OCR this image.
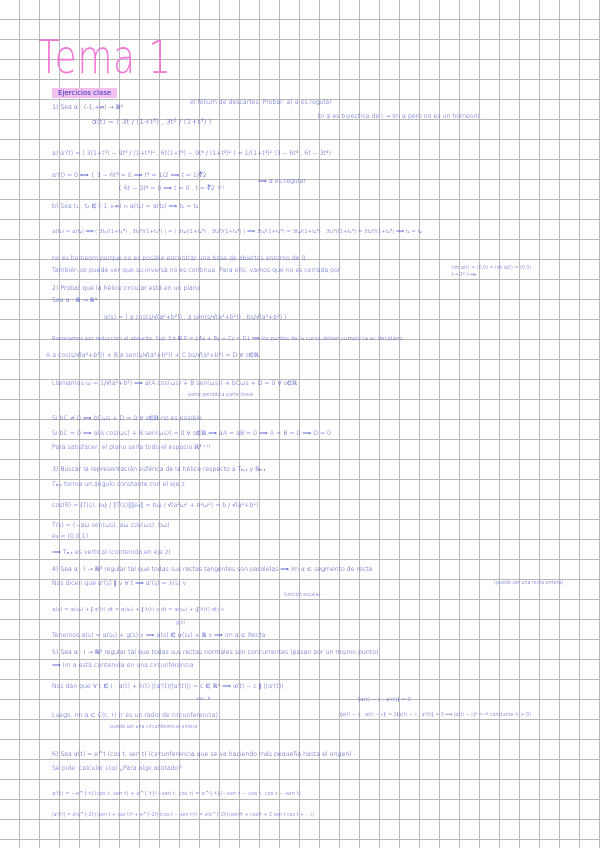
Tema 1
Ejercicios clase
1) Sea α : (-1,+∞) → ℝ²
el folium de descartes. Probar: a) α es regular
α(t) = ( 3t / (1+t³) , 3t² / (1+t³) )
b) α es biyectiva de I → Im α pero no es un homeom.
a) α'(t) = ( 3(1+t³) − 9t³ / (1+t³)² , 6t(1+t³) − 9t⁴ / (1+t³)² ) = 1/(1+t³)² (3 − 6t³ , 6t − 3t⁴)
α'(t) = 0 ⟺ { 3 − 6t³ = 0 ⟹ t³ = 1/2 ⟹ t = 1/∛2
{ 6t − 3t⁴ = 0 ⟹ t = 0 , t = ∛2 !!!
⟹ α es regular
b) Sea t₁ , t₂ ∈ (-1,+∞) ∩ α(t₁) = α(t₂) ⟹ t₁ = t₂
α(t₁) = α(t₂) ⟹ ( 3t₁/(1+t₁³) , 3t₁²/(1+t₁³) ) = ( 3t₂/(1+t₂³) , 3t₂²/(1+t₂³) ) ⟹ 3t₁/(1+t₁³) = 3t₂/(1+t₂³) , 3t₁²/(1+t₁³) = 3t₂²/(1+t₂³) ⟹ t₁ = t₂
no es homeom porque no es posible encontrar una base de abiertos entorno de 0.
También se puede ver que su inversa no es continua. Para ello, vamos que no es cerrada por	lim α(t) = (0,0) = lim α(t) = (0,0)
t→-1⁺ t→∞
2) Probar que la hélice circular está en un plano.
Sea α : ℝ → ℝ³
α(s) = ( a cos(s/√(a²+b²)) , a sen(s/√(a²+b²)) , bs/√(a²+b²) )
Razonamos por reducción al absurdo: Sup ∃ π ∈ P = {Ax + By + Cz = D} ⟹ los puntos de la curva deben cumplir la ec del plano.
A a cos(s/√(a²+b²)) + B a sen(s/√(a²+b²)) + C bs/√(a²+b²) = D ∀ s∈ℝ
Llamamos ω = 1/√(a²+b²) ⟹ a(A cos(ωs) + B sen(ωs)) + bCωs + D = 0 ∀ s∈ℝ
parte periódica parte lineal
Si bC ≠ 0 ⟹ bCωs + D = 0 ∀ s∈ℝ no es posible
Si bC = 0 ⟹ a(A cos(ωs) + B sen(ωs)) = 0 ∀ s∈ℝ ⟹ aA = aB = 0 ⟹ A = B = 0 ⟹ D = 0
Para satisfacer, el plano sería todo el espacio ℝ³ !!!
3) Buscar la representación esférica de la hélice respecto a Tₙ,ₜ y Bₙ,ₜ
Tₙ,ₜ forma un ángulo constante con el eje z.
cos(θ) = ⟨T(s), e₃⟩ / ‖T(s)‖‖e₃‖ = bω / √(a²ω² + b²ω²) = b / √(a²+b²)
T(s) = (−aω sen(ωs), aω cos(ωs), bω)
e₃ = (0,0,1)
⟹ Tₙ,ₜ es vertical (contenida en eje z)
4) Sea α : I → ℝ³ regular tal que todas sus rectas tangentes son paralelas ⟹ Im α ⊂ segmento de recta
(puede ser una recta entera)
Nos dicen que α'(s) ∥ v ∀ t ⟹ α'(s) = λ(s) v
función escalar
α(s) = α(s₀) + ∫ α'(t) dt = α(s₀) + ∫ λ(t) v dt = α(s₀) + (∫ λ(t) dt) v
g(s)
Tenemos α(s) = α(s₀) + g(s) v ⟹ α(s) ∈ α(s₀) + ℝ v ⟹ Im α ⊂ Recta
5) Sea α : I → ℝ² regular tal que todas sus rectas normales son concurrentes (pasan por un mismo punto)
⟹ Im α está contenida en una circunferencia
Nos dan que ∀ t ∈ I : α(t) + λ(t) J(α'(t)/|α'(t)|) = c ∈ ℝ² ⟹ α(t) − c ∥ J(α'(t))
vec. n	⟨α(t) − c , α'(t)⟩ = 0
Luego, Im α ⊂ C(c, r) (r es un radio de circunferencia)	⟨α(t) − c , α(t) − c⟩' = 2⟨α(t) − c , α'(t)⟩ = 0 ⟹ |α(t) − c|² = r² constante (r > 0)
puede ser una circunferencia entera
6) Sea α(t) = e^t (cos t, sen t) (circunferencia que se va haciendo más pequeña hasta el origen)
Se pide: calcular L(α) ¿Para algo acotado?
α'(t) = −e^{-t}(cos t, sen t) + e^{-t}(−sen t, cos t) = e^{-t}(−sen t − cos t, cos t − sen t)
|α'(t)| = √(e^{-2t}(sen t + cos t)² + e^{-2t}(cos t − sen t)²) = √(e^{-2t}(sen²t + cos²t + 2 sen t cos t + ...))
